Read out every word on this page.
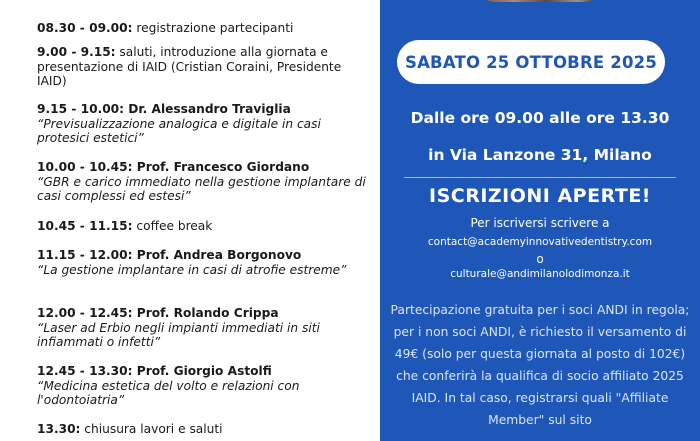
08.30 - 09.00: registrazione partecipanti
9.00 - 9.15: saluti, introduzione alla giornata e presentazione di IAID (Cristian Coraini, Presidente IAID)
9.15 - 10.00: Dr. Alessandro Traviglia
“Previsualizzazione analogica e digitale in casi protesici estetici”
10.00 - 10.45: Prof. Francesco Giordano
“GBR e carico immediato nella gestione implantare di casi complessi ed estesi”
10.45 - 11.15: coffee break
11.15 - 12.00: Prof. Andrea Borgonovo
“La gestione implantare in casi di atrofie estreme”
12.00 - 12.45: Prof. Rolando Crippa
“Laser ad Erbio negli impianti immediati in siti infiammati o infetti”
12.45 - 13.30: Prof. Giorgio Astolfi
“Medicina estetica del volto e relazioni con l'odontoiatria”
13.30: chiusura lavori e saluti
SABATO 25 OTTOBRE 2025
Dalle ore 09.00 alle ore 13.30
in Via Lanzone 31, Milano
ISCRIZIONI APERTE!
Per iscriversi scrivere a
contact@academyinnovativedentistry.com
o
culturale@andimilanolodimonza.it
Partecipazione gratuita per i soci ANDI in regola; per i non soci ANDI, è richiesto il versamento di 49€ (solo per questa giornata al posto di 102€) che conferirà la qualifica di socio affiliato 2025 IAID. In tal caso, registrarsi quali "Affiliate Member" sul sito
